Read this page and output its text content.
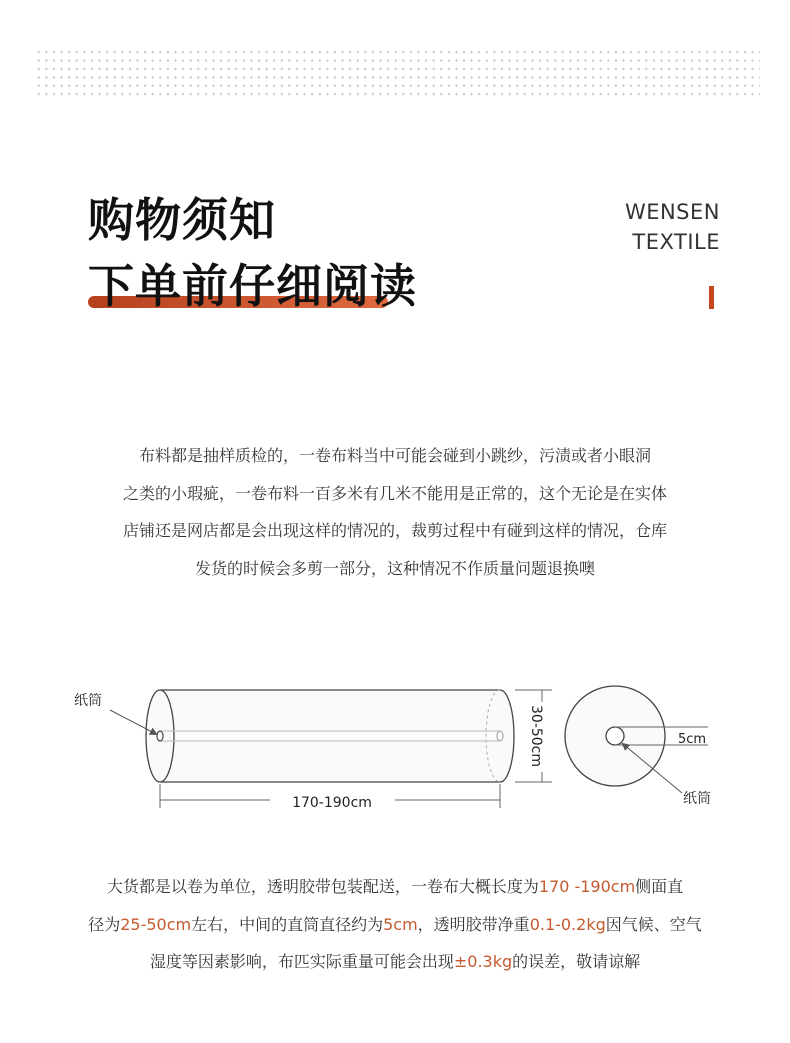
购物须知
下单前仔细阅读
WENSEN
TEXTILE
布料都是抽样质检的，一卷布料当中可能会碰到小跳纱，污渍或者小眼洞
之类的小瑕疵，一卷布料一百多米有几米不能用是正常的，这个无论是在实体
店铺还是网店都是会出现这样的情况的，裁剪过程中有碰到这样的情况，仓库
发货的时候会多剪一部分，这种情况不作质量问题退换噢
纸筒
170-190cm
30-50cm	5cm
纸筒
大货都是以卷为单位，透明胶带包装配送，一卷布大概长度为170 -190cm侧面直
径为25-50cm左右，中间的直筒直径约为5cm，透明胶带净重0.1-0.2kg因气候、空气
湿度等因素影响，布匹实际重量可能会出现±0.3kg的误差，敬请谅解
